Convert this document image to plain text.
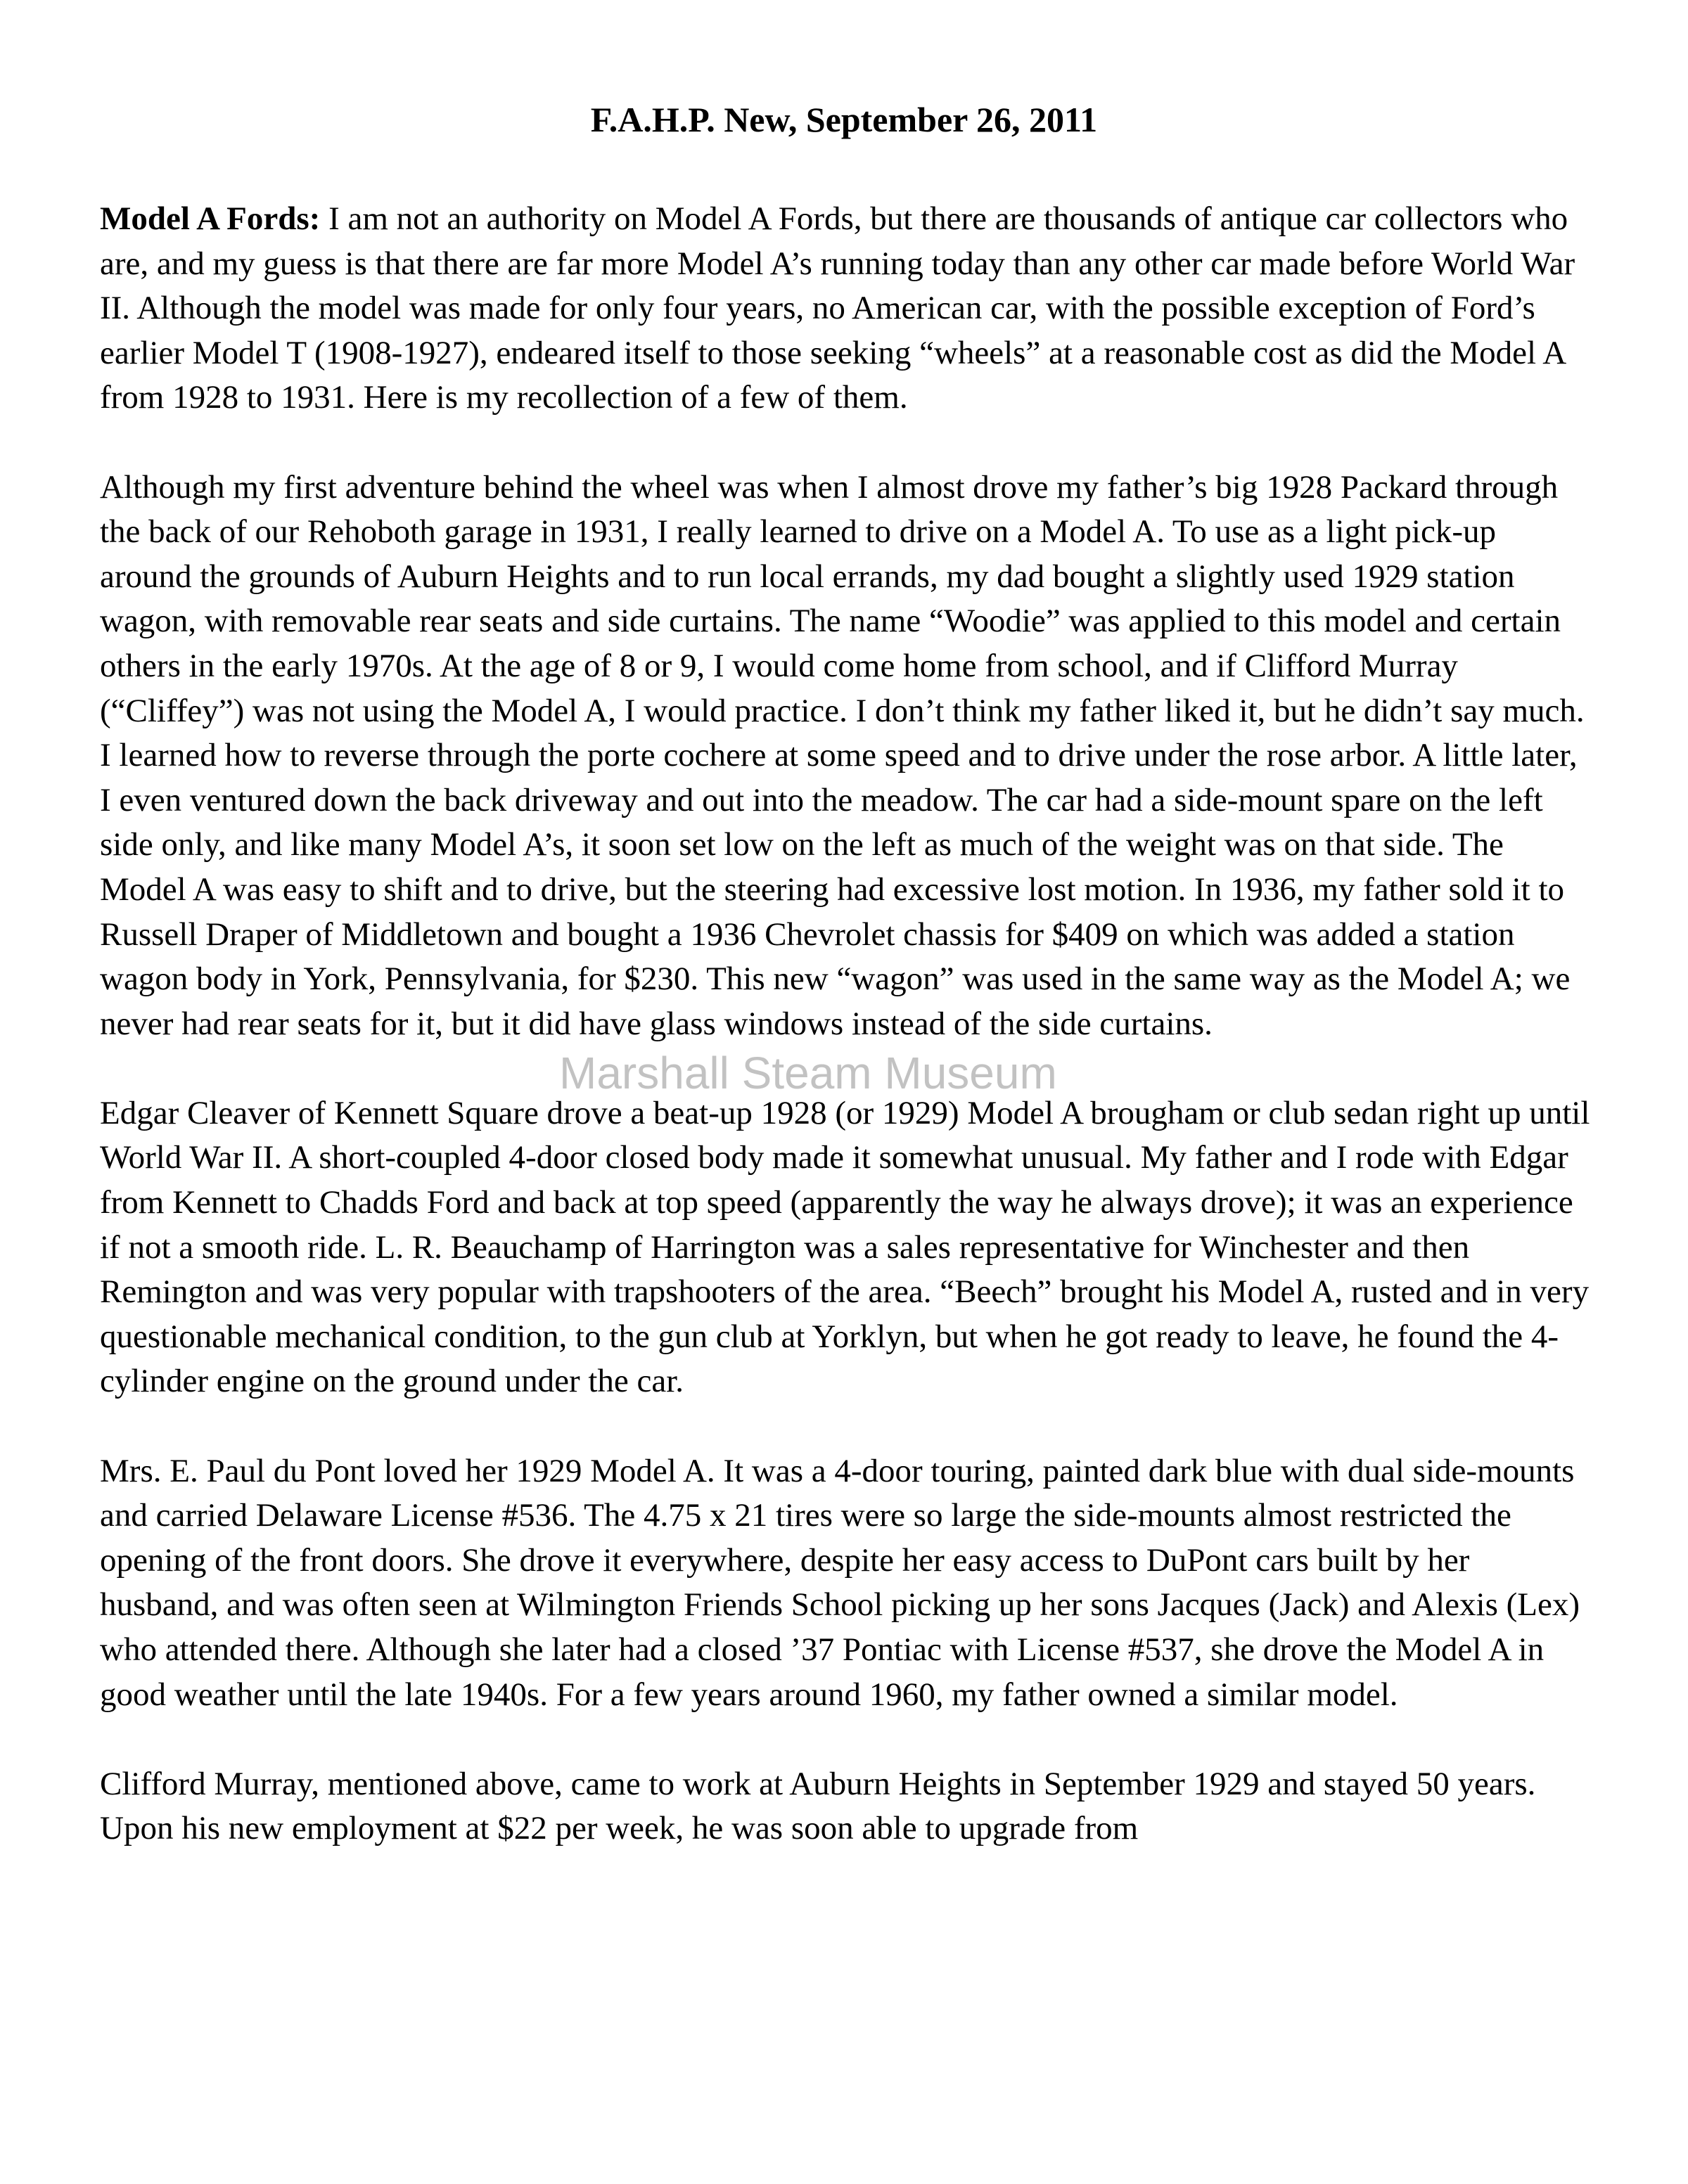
F.A.H.P. New, September 26, 2011

Model A Fords: I am not an authority on Model A Fords, but there are thousands of antique car collectors who are, and my guess is that there are far more Model A’s running today than any other car made before World War II. Although the model was made for only four years, no American car, with the possible exception of Ford’s earlier Model T (1908-1927), endeared itself to those seeking “wheels” at a reasonable cost as did the Model A from 1928 to 1931. Here is my recollection of a few of them.

Although my first adventure behind the wheel was when I almost drove my father’s big 1928 Packard through the back of our Rehoboth garage in 1931, I really learned to drive on a Model A. To use as a light pick-up around the grounds of Auburn Heights and to run local errands, my dad bought a slightly used 1929 station wagon, with removable rear seats and side curtains. The name “Woodie” was applied to this model and certain others in the early 1970s. At the age of 8 or 9, I would come home from school, and if Clifford Murray (“Cliffey”) was not using the Model A, I would practice. I don’t think my father liked it, but he didn’t say much. I learned how to reverse through the porte cochere at some speed and to drive under the rose arbor. A little later, I even ventured down the back driveway and out into the meadow. The car had a side-mount spare on the left side only, and like many Model A’s, it soon set low on the left as much of the weight was on that side. The Model A was easy to shift and to drive, but the steering had excessive lost motion. In 1936, my father sold it to Russell Draper of Middletown and bought a 1936 Chevrolet chassis for $409 on which was added a station wagon body in York, Pennsylvania, for $230. This new “wagon” was used in the same way as the Model A; we never had rear seats for it, but it did have glass windows instead of the side curtains.

Edgar Cleaver of Kennett Square drove a beat-up 1928 (or 1929) Model A brougham or club sedan right up until World War II. A short-coupled 4-door closed body made it somewhat unusual. My father and I rode with Edgar from Kennett to Chadds Ford and back at top speed (apparently the way he always drove); it was an experience if not a smooth ride. L. R. Beauchamp of Harrington was a sales representative for Winchester and then Remington and was very popular with trapshooters of the area. “Beech” brought his Model A, rusted and in very questionable mechanical condition, to the gun club at Yorklyn, but when he got ready to leave, he found the 4-cylinder engine on the ground under the car.

Mrs. E. Paul du Pont loved her 1929 Model A. It was a 4-door touring, painted dark blue with dual side-mounts and carried Delaware License #536. The 4.75 x 21 tires were so large the side-mounts almost restricted the opening of the front doors. She drove it everywhere, despite her easy access to DuPont cars built by her husband, and was often seen at Wilmington Friends School picking up her sons Jacques (Jack) and Alexis (Lex) who attended there. Although she later had a closed ’37 Pontiac with License #537, she drove the Model A in good weather until the late 1940s. For a few years around 1960, my father owned a similar model.

Clifford Murray, mentioned above, came to work at Auburn Heights in September 1929 and stayed 50 years. Upon his new employment at $22 per week, he was soon able to upgrade from

Marshall Steam Museum
